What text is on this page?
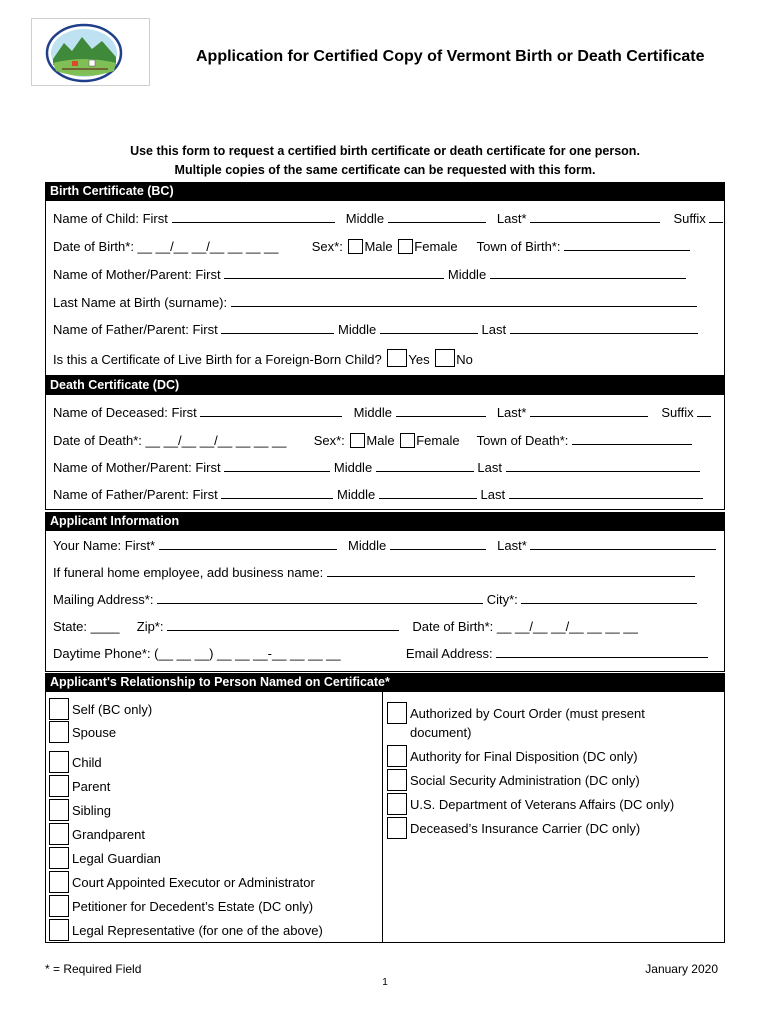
Application for Certified Copy of Vermont Birth or Death Certificate
Use this form to request a certified birth certificate or death certificate for one person.
Multiple copies of the same certificate can be requested with this form.
Birth Certificate (BC)
Name of Child: First	Middle	Last*	Suffix
Date of Birth*: __ __/__ __/__ __ __ __	Sex*: Male Female Town of Birth*:
Name of Mother/Parent: First	Middle
Last Name at Birth (surname):
Name of Father/Parent: First	Middle	Last
Is this a Certificate of Live Birth for a Foreign-Born Child? Yes No
Death Certificate (DC)
Name of Deceased: First	Middle	Last*	Suffix
Date of Death*: __ __/__ __/__ __ __ __ Sex*: Male Female Town of Death*:
Name of Mother/Parent: First	Middle	Last
Name of Father/Parent: First	Middle	Last
Applicant Information
Your Name: First*	Middle	Last*
If funeral home employee, add business name:
Mailing Address*:	City*:
State: ____ Zip*:	Date of Birth*: __ __/__ __/__ __ __ __
Daytime Phone*: (__ __ __) __ __ __-__ __ __ __	Email Address:
Applicant's Relationship to Person Named on Certificate*
Self (BC only)
Spouse
Child
Parent
Sibling
Grandparent
Legal Guardian
Court Appointed Executor or Administrator
Petitioner for Decedent’s Estate (DC only)
Legal Representative (for one of the above)
Authorized by Court Order (must present
document)
Authority for Final Disposition (DC only)
Social Security Administration (DC only)
U.S. Department of Veterans Affairs (DC only)
Deceased’s Insurance Carrier (DC only)
* = Required Field	January 2020
1
